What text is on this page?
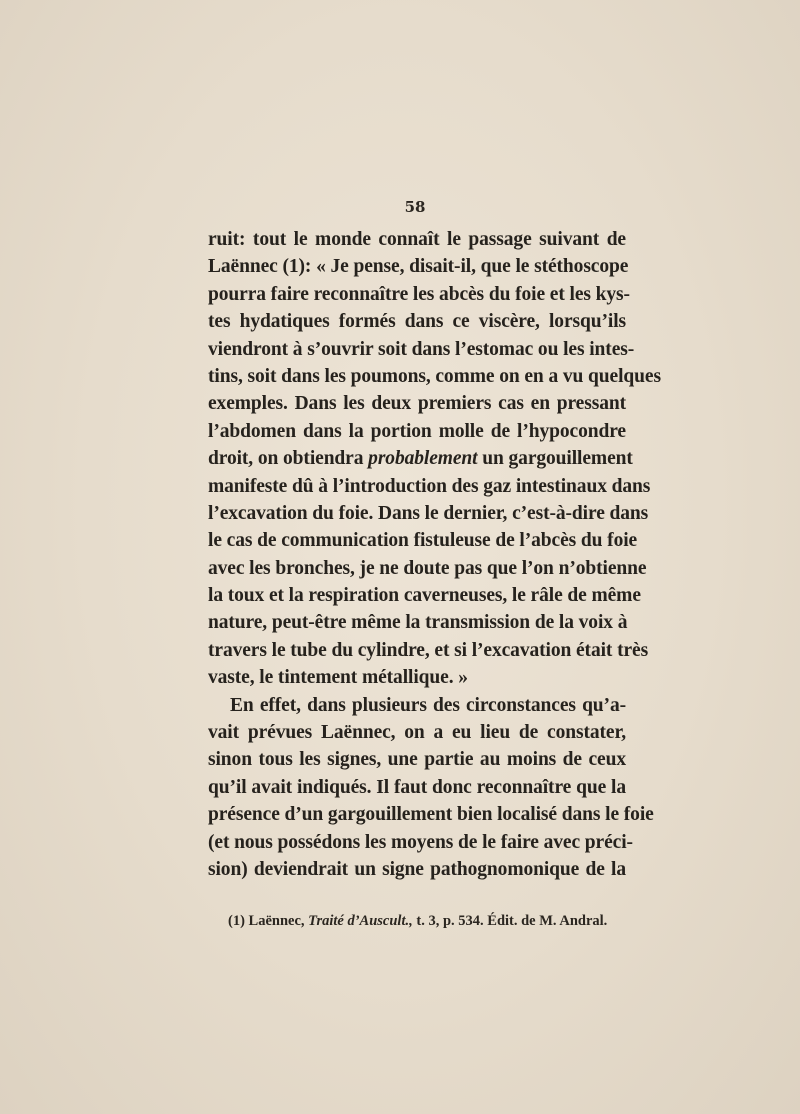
58
ruit: tout le monde connaît le passage suivant de
Laënnec (1): « Je pense, disait-il, que le stéthoscope
pourra faire reconnaître les abcès du foie et les kys-
tes hydatiques formés dans ce viscère, lorsqu’ils
viendront à s’ouvrir soit dans l’estomac ou les intes-
tins, soit dans les poumons, comme on en a vu quelques
exemples. Dans les deux premiers cas en pressant
l’abdomen dans la portion molle de l’hypocondre
droit, on obtiendra probablement un gargouillement
manifeste dû à l’introduction des gaz intestinaux dans
l’excavation du foie. Dans le dernier, c’est-à-dire dans
le cas de communication fistuleuse de l’abcès du foie
avec les bronches, je ne doute pas que l’on n’obtienne
la toux et la respiration caverneuses, le râle de même
nature, peut-être même la transmission de la voix à
travers le tube du cylindre, et si l’excavation était très
vaste, le tintement métallique. »
En effet, dans plusieurs des circonstances qu’a-
vait prévues Laënnec, on a eu lieu de constater,
sinon tous les signes, une partie au moins de ceux
qu’il avait indiqués. Il faut donc reconnaître que la
présence d’un gargouillement bien localisé dans le foie
(et nous possédons les moyens de le faire avec préci-
sion) deviendrait un signe pathognomonique de la
(1) Laënnec, Traité d’Auscult., t. 3, p. 534. Édit. de M. Andral.
